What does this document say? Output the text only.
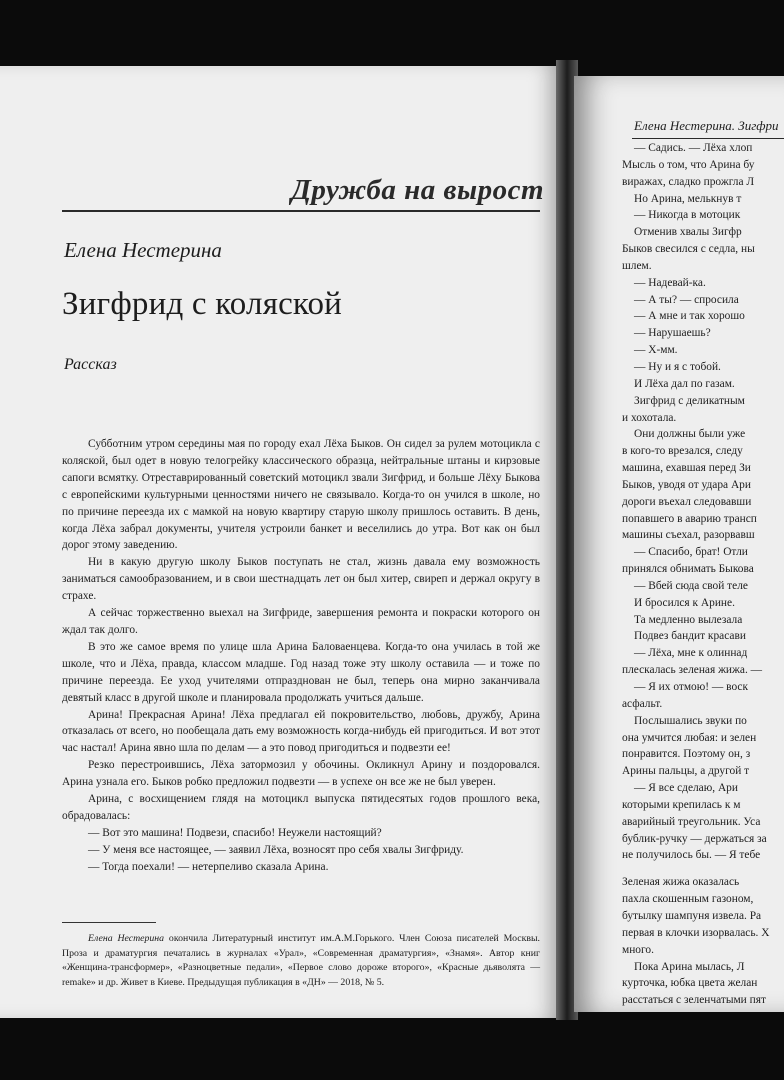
Дружба на вырост
Елена Нестерина
Зигфрид с коляской
Рассказ

Субботним утром середины мая по городу ехал Лёха Быков. Он сидел за рулем мотоцикла с коляской, был одет в новую телогрейку классического образца, нейтральные штаны и кирзовые сапоги всмятку. Отреставрированный советский мотоцикл звали Зигфрид, и больше Лёху Быкова с европейскими культурными ценностями ничего не связывало. Когда-то он учился в школе, но по причине переезда их с мамкой на новую квартиру старую школу пришлось оставить. В день, когда Лёха забрал документы, учителя устроили банкет и веселились до утра. Вот как он был дорог этому заведению.

Ни в какую другую школу Быков поступать не стал, жизнь давала ему возможность заниматься самообразованием, и в свои шестнадцать лет он был хитер, свиреп и держал округу в страхе.

А сейчас торжественно выехал на Зигфриде, завершения ремонта и покраски которого он ждал так долго.

В это же самое время по улице шла Арина Баловаенцева. Когда-то она училась в той же школе, что и Лёха, правда, классом младше. Год назад тоже эту школу оставила — и тоже по причине переезда. Ее уход учителями отпразднован не был, теперь она мирно заканчивала девятый класс в другой школе и планировала продолжать учиться дальше.

Арина! Прекрасная Арина! Лёха предлагал ей покровительство, любовь, дружбу, Арина отказалась от всего, но пообещала дать ему возможность когда-нибудь ей пригодиться. И вот этот час настал! Арина явно шла по делам — а это повод пригодиться и подвезти ее!

Резко перестроившись, Лёха затормозил у обочины. Окликнул Арину и поздоровался. Арина узнала его. Быков робко предложил подвезти — в успехе он все же не был уверен.

Арина, с восхищением глядя на мотоцикл выпуска пятидесятых годов прошлого века, обрадовалась:

— Вот это машина! Подвези, спасибо! Неужели настоящий?

— У меня все настоящее, — заявил Лёха, возносят про себя хвалы Зигфриду.

— Тогда поехали! — нетерпеливо сказала Арина.

Елена Нестерина окончила Литературный институт им.А.М.Горького. Член Союза писателей Москвы. Проза и драматургия печатались в журналах «Урал», «Современная драматургия», «Знамя». Автор книг «Женщина-трансформер», «Разноцветные педали», «Первое слово дороже второго», «Красные дьяволята — remake» и др. Живет в Киеве. Предыдущая публикация в «ДН» — 2018, № 5.
Елена Нестерина. Зигфри
— Садись. — Лёха хлоп
Мысль о том, что Арина бу
виражах, сладко прожгла Л
Но Арина, мелькнув т
— Никогда в мотоцик
Отменив хвалы Зигфр
Быков свесился с седла, ны
шлем.
— Надевай-ка.
— А ты? — спросила
— А мне и так хорошо
— Нарушаешь?
— Х-мм.
— Ну и я с тобой.
И Лёха дал по газам.
Зигфрид с деликатным
и хохотала.
Они должны были уже
в кого-то врезался, следу
машина, ехавшая перед Зи
Быков, уводя от удара Ари
дороги въехал следовавши
попавшего в аварию трансп
машины съехал, разорвавш
— Спасибо, брат! Отли
принялся обнимать Быкова
— Вбей сюда свой теле
И бросился к Арине.
Та медленно вылезала
Подвез бандит красави
— Лёха, мне к олиннад
плескалась зеленая жижа. —
— Я их отмою! — воск
асфальт.
Послышались звуки по
она умчится любая: и зелен
понравится. Поэтому он, з
Арины пальцы, а другой т
— Я все сделаю, Ари
которыми крепилась к м
аварийный треугольник. Уса
бублик-ручку — держаться за
не получилось бы. — Я тебе
Зеленая жижа оказалась
пахла скошенным газоном,
бутылку шампуня извела. Ра
первая в клочки изорвалась. Х
много.
Пока Арина мылась, Л
курточка, юбка цвета желан
расстаться с зеленчатыми пят
